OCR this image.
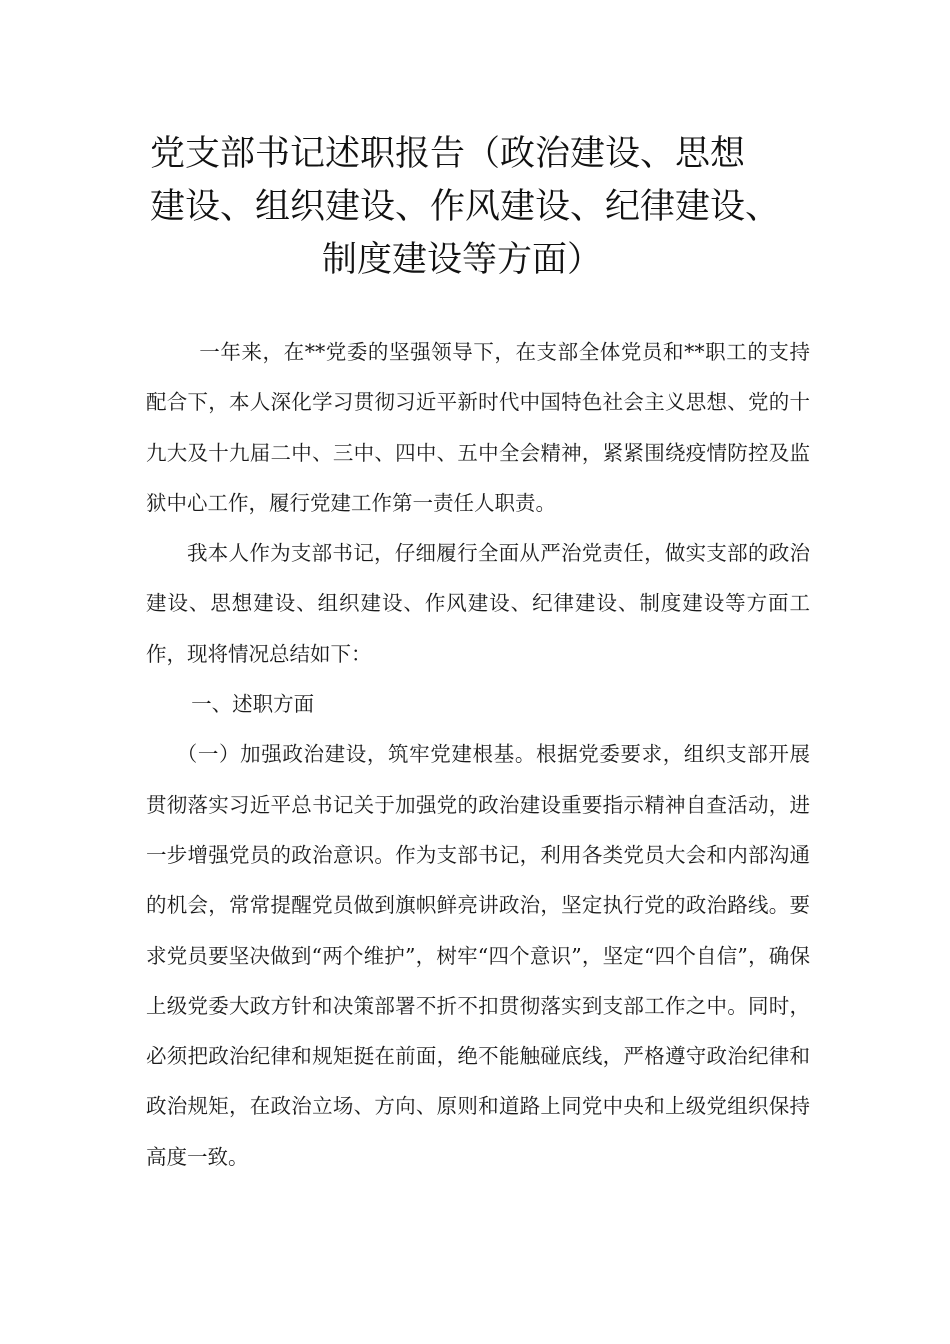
党支部书记述职报告（政治建设、思想
建设、组织建设、作风建设、纪律建设、
制度建设等方面）

一年来，在**党委的坚强领导下，在支部全体党员和**职工的支持配合下，本人深化学习贯彻习近平新时代中国特色社会主义思想、党的十九大及十九届二中、三中、四中、五中全会精神，紧紧围绕疫情防控及监狱中心工作，履行党建工作第一责任人职责。

我本人作为支部书记，仔细履行全面从严治党责任，做实支部的政治建设、思想建设、组织建设、作风建设、纪律建设、制度建设等方面工作，现将情况总结如下：

一、述职方面

（一）加强政治建设，筑牢党建根基。根据党委要求，组织支部开展贯彻落实习近平总书记关于加强党的政治建设重要指示精神自查活动，进一步增强党员的政治意识。作为支部书记，利用各类党员大会和内部沟通的机会，常常提醒党员做到旗帜鲜亮讲政治，坚定执行党的政治路线。要求党员要坚决做到“两个维护”，树牢“四个意识”，坚定“四个自信”，确保上级党委大政方针和决策部署不折不扣贯彻落实到支部工作之中。同时，必须把政治纪律和规矩挺在前面，绝不能触碰底线，严格遵守政治纪律和政治规矩，在政治立场、方向、原则和道路上同党中央和上级党组织保持高度一致。
